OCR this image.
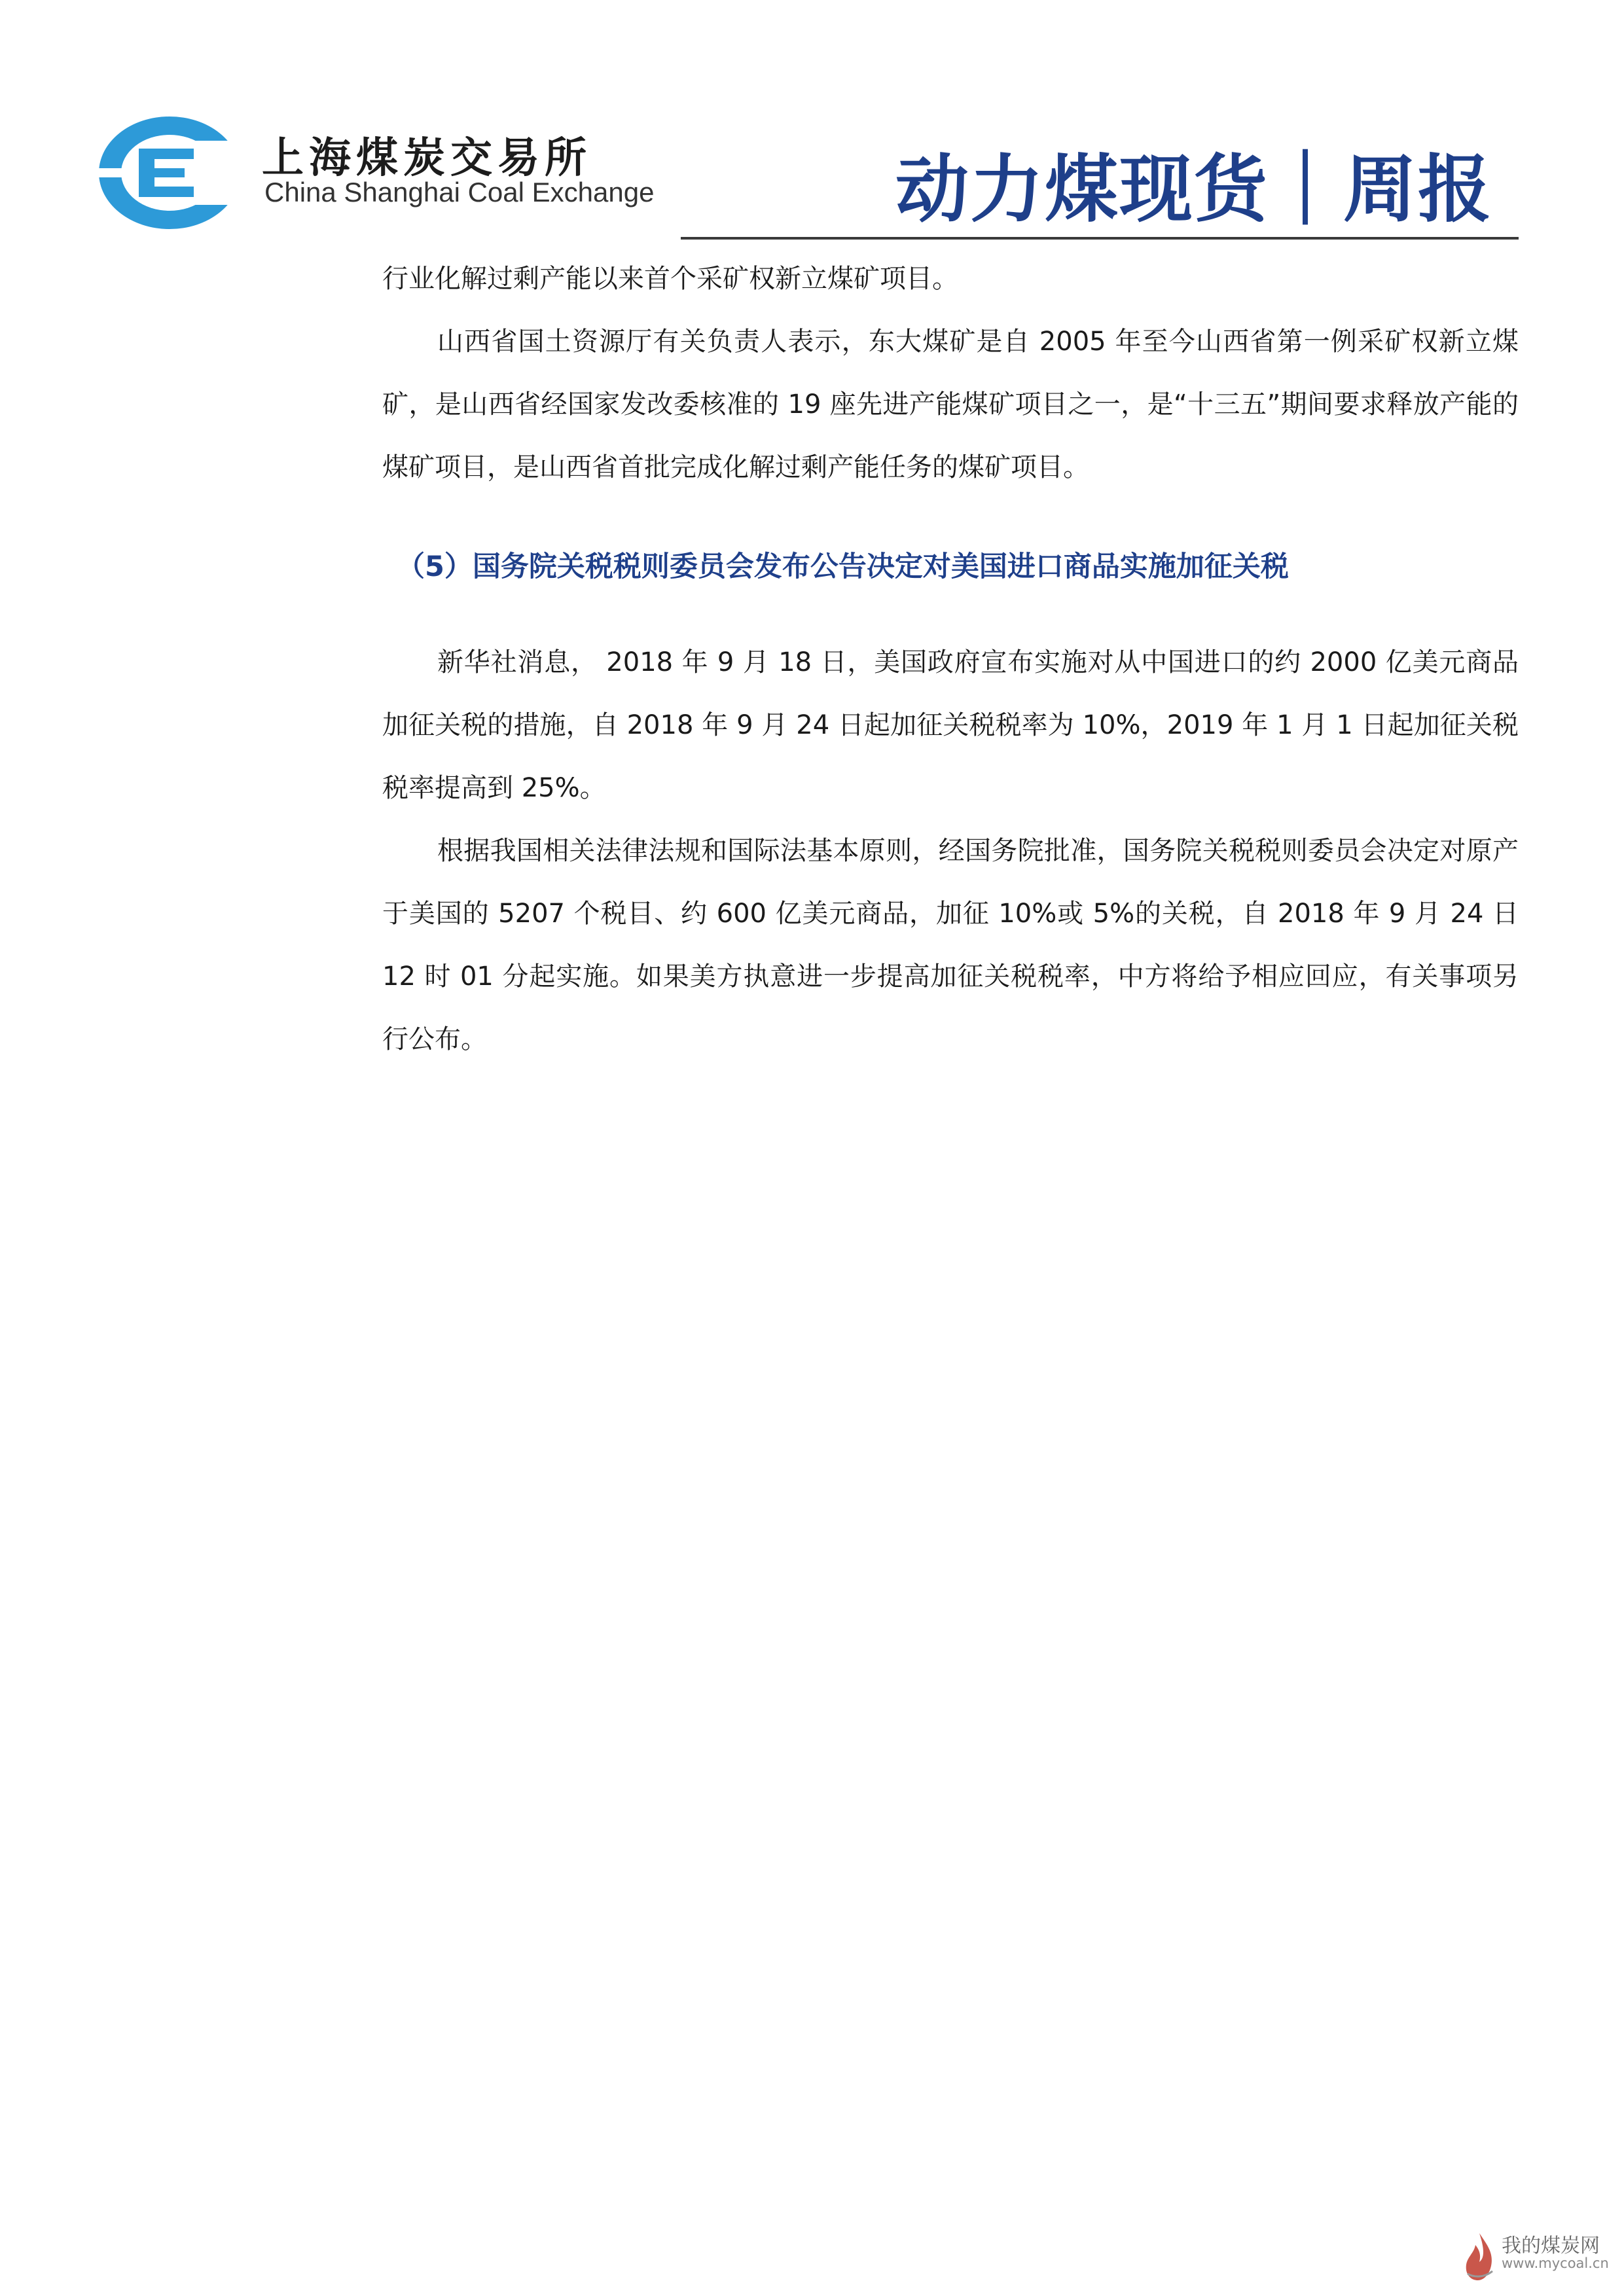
上海煤炭交易所
China Shanghai Coal Exchange	动力煤现货｜周报

行业化解过剩产能以来首个采矿权新立煤矿项目。

山西省国土资源厅有关负责人表示，东大煤矿是自 2005 年至今山西省第一例采矿权新立煤矿，是山西省经国家发改委核准的 19 座先进产能煤矿项目之一，是“十三五”期间要求释放产能的煤矿项目，是山西省首批完成化解过剩产能任务的煤矿项目。

（5）国务院关税税则委员会发布公告决定对美国进口商品实施加征关税

新华社消息， 2018 年 9 月 18 日，美国政府宣布实施对从中国进口的约 2000 亿美元商品加征关税的措施，自 2018 年 9 月 24 日起加征关税税率为 10%，2019 年 1 月 1 日起加征关税税率提高到 25%。

根据我国相关法律法规和国际法基本原则，经国务院批准，国务院关税税则委员会决定对原产于美国的 5207 个税目、约 600 亿美元商品，加征 10%或 5%的关税，自 2018 年 9 月 24 日 12 时 01 分起实施。如果美方执意进一步提高加征关税税率，中方将给予相应回应，有关事项另行公布。

我的煤炭网
www.mycoal.cn
